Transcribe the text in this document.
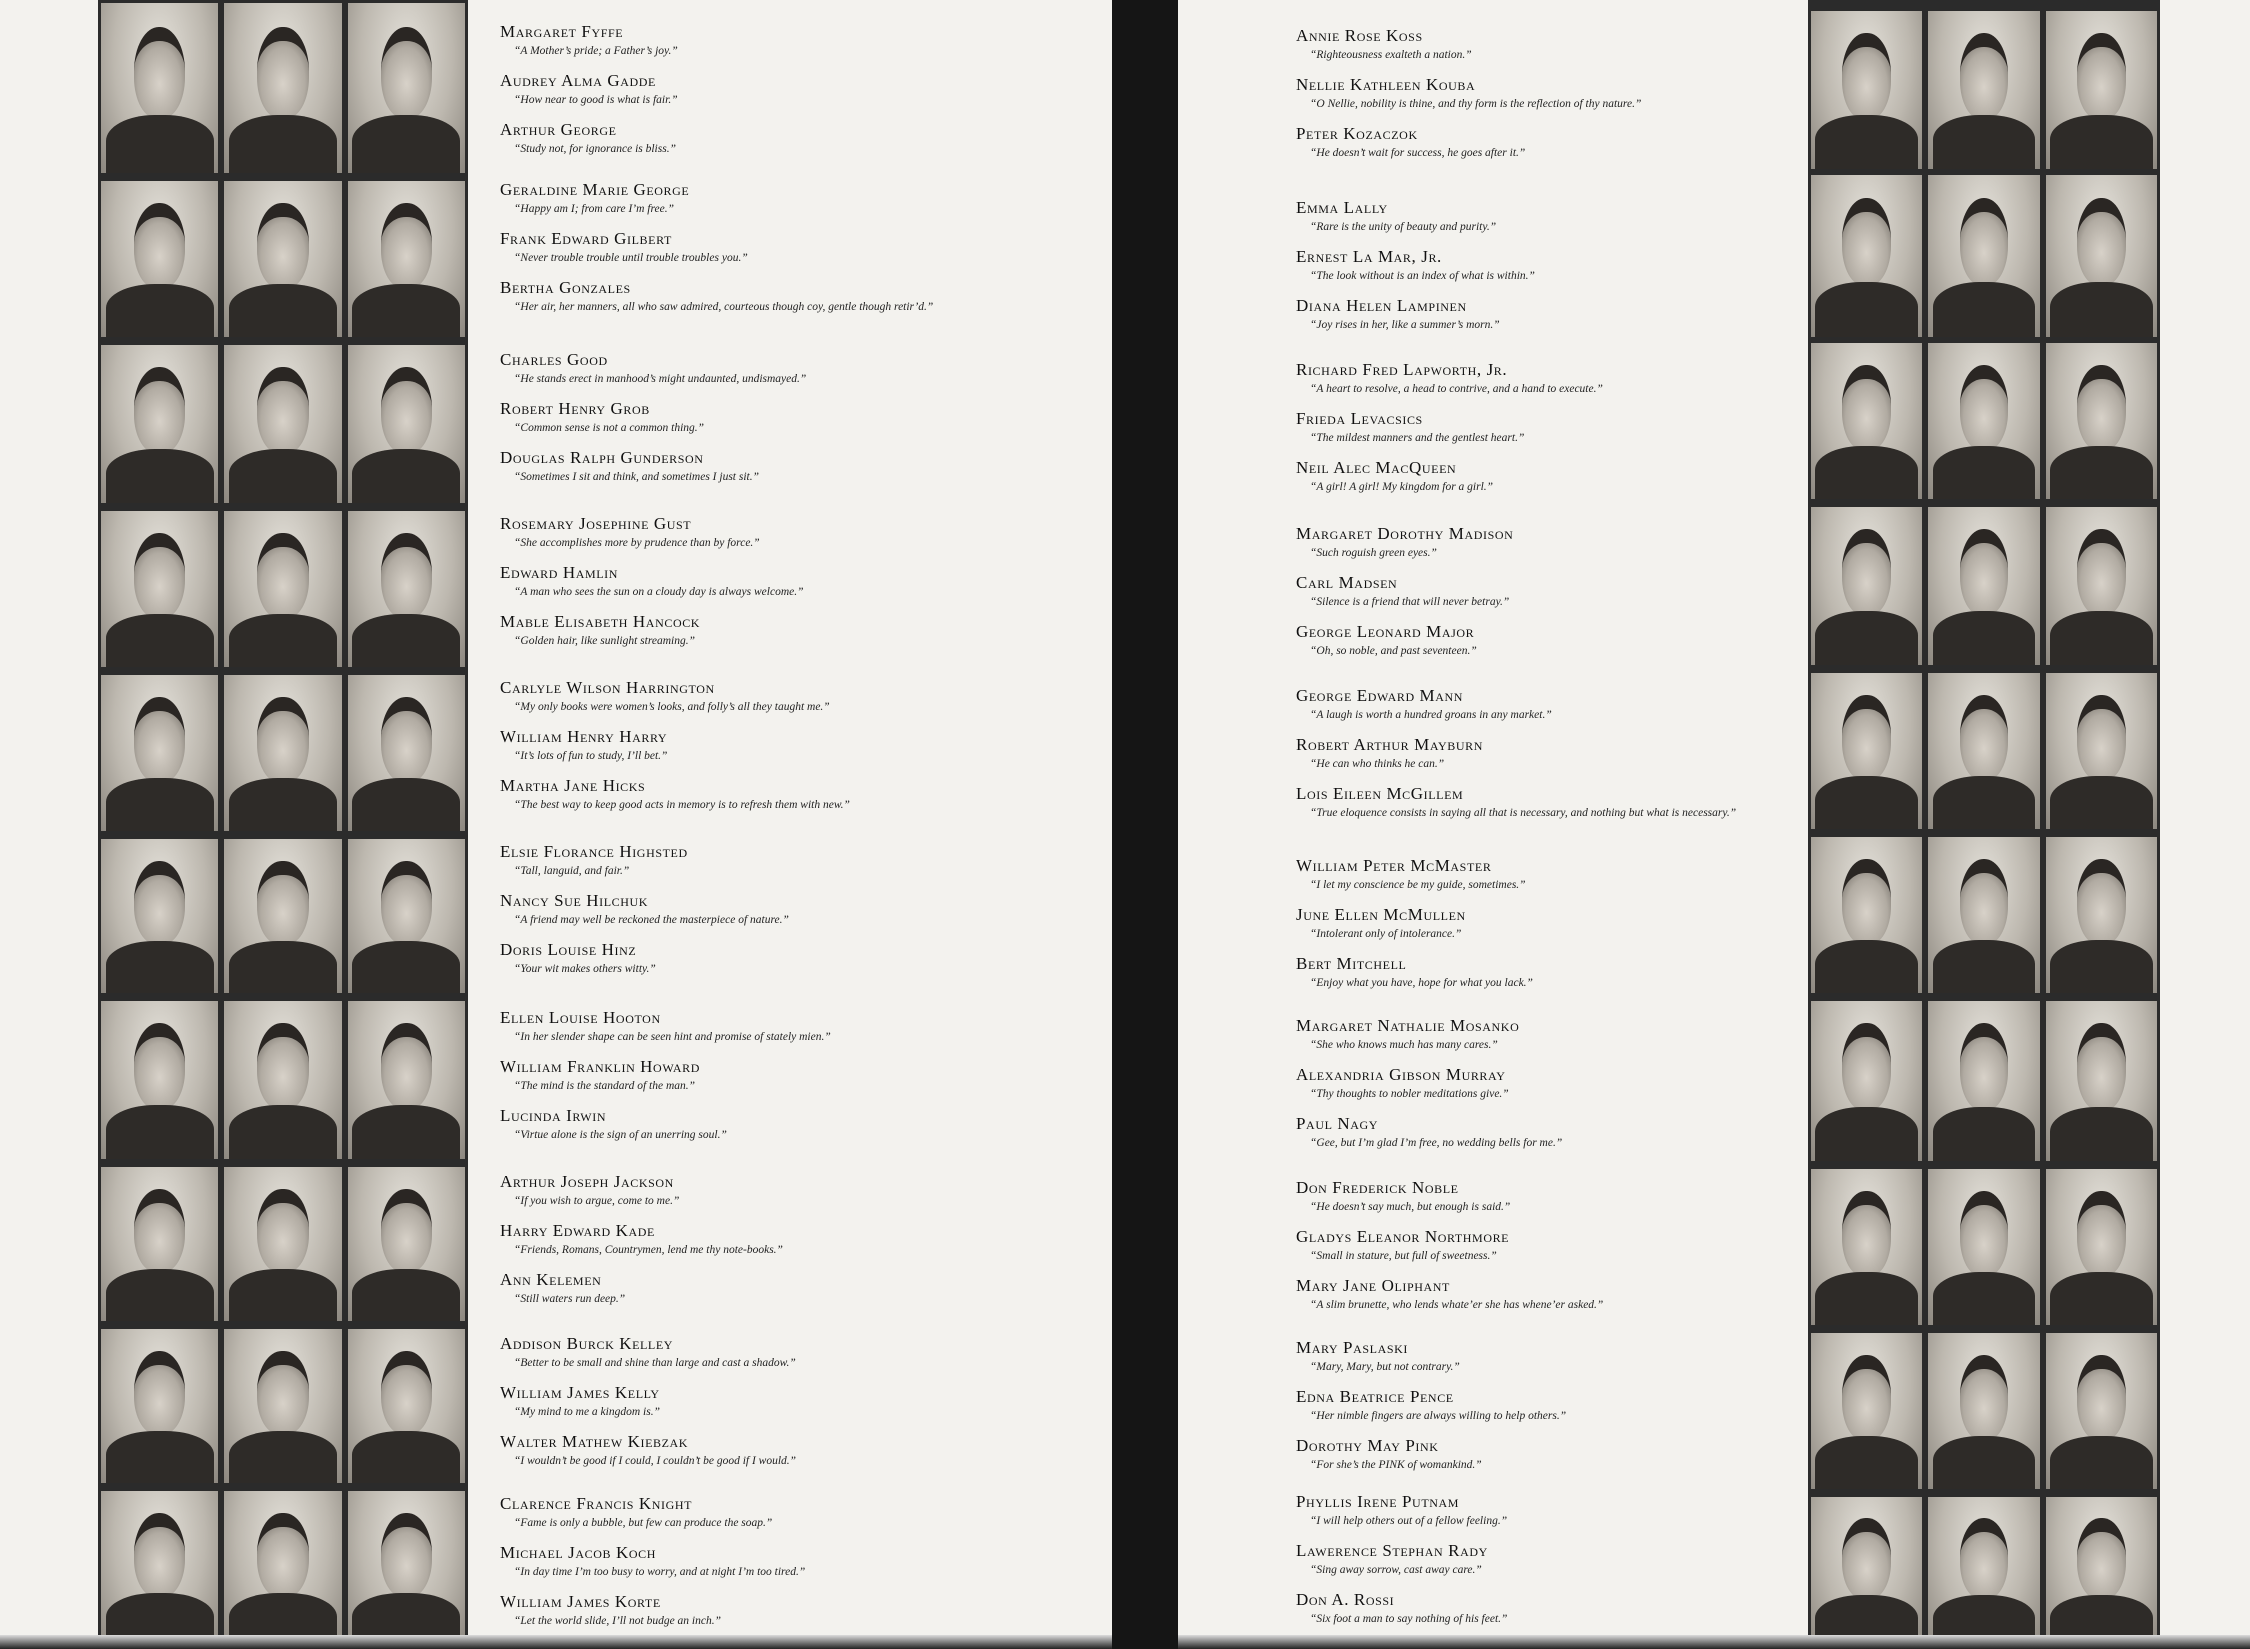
Margaret Fyffe
“A Mother’s pride; a Father’s joy.”
Audrey Alma Gadde
“How near to good is what is fair.”
Arthur George
“Study not, for ignorance is bliss.”
Geraldine Marie George
“Happy am I; from care I’m free.”
Frank Edward Gilbert
“Never trouble trouble until trouble troubles you.”
Bertha Gonzales
“Her air, her manners, all who saw admired, courteous though coy, gentle though retir’d.”
Charles Good
“He stands erect in manhood’s might undaunted, undismayed.”
Robert Henry Grob
“Common sense is not a common thing.”
Douglas Ralph Gunderson
“Sometimes I sit and think, and sometimes I just sit.”
Rosemary Josephine Gust
“She accomplishes more by prudence than by force.”
Edward Hamlin
“A man who sees the sun on a cloudy day is always welcome.”
Mable Elisabeth Hancock
“Golden hair, like sunlight streaming.”
Carlyle Wilson Harrington
“My only books were women’s looks, and folly’s all they taught me.”
William Henry Harry
“It’s lots of fun to study, I’ll bet.”
Martha Jane Hicks
“The best way to keep good acts in memory is to refresh them with new.”
Elsie Florance Highsted
“Tall, languid, and fair.”
Nancy Sue Hilchuk
“A friend may well be reckoned the masterpiece of nature.”
Doris Louise Hinz
“Your wit makes others witty.”
Ellen Louise Hooton
“In her slender shape can be seen hint and promise of stately mien.”
William Franklin Howard
“The mind is the standard of the man.”
Lucinda Irwin
“Virtue alone is the sign of an unerring soul.”
Arthur Joseph Jackson
“If you wish to argue, come to me.”
Harry Edward Kade
“Friends, Romans, Countrymen, lend me thy note-books.”
Ann Kelemen
“Still waters run deep.”
Addison Burck Kelley
“Better to be small and shine than large and cast a shadow.”
William James Kelly
“My mind to me a kingdom is.”
Walter Mathew Kiebzak
“I wouldn’t be good if I could, I couldn’t be good if I would.”
Clarence Francis Knight
“Fame is only a bubble, but few can produce the soap.”
Michael Jacob Koch
“In day time I’m too busy to worry, and at night I’m too tired.”
William James Korte
“Let the world slide, I’ll not budge an inch.”
Annie Rose Koss
“Righteousness exalteth a nation.”
Nellie Kathleen Kouba
“O Nellie, nobility is thine, and thy form is the reflection of thy nature.”
Peter Kozaczok
“He doesn’t wait for success, he goes after it.”
Emma Lally
“Rare is the unity of beauty and purity.”
Ernest La Mar, Jr.
“The look without is an index of what is within.”
Diana Helen Lampinen
“Joy rises in her, like a summer’s morn.”
Richard Fred Lapworth, Jr.
“A heart to resolve, a head to contrive, and a hand to execute.”
Frieda Levacsics
“The mildest manners and the gentlest heart.”
Neil Alec MacQueen
“A girl! A girl! My kingdom for a girl.”
Margaret Dorothy Madison
“Such roguish green eyes.”
Carl Madsen
“Silence is a friend that will never betray.”
George Leonard Major
“Oh, so noble, and past seventeen.”
George Edward Mann
“A laugh is worth a hundred groans in any market.”
Robert Arthur Mayburn
“He can who thinks he can.”
Lois Eileen McGillem
“True eloquence consists in saying all that is necessary, and nothing but what is necessary.”
William Peter McMaster
“I let my conscience be my guide, sometimes.”
June Ellen McMullen
“Intolerant only of intolerance.”
Bert Mitchell
“Enjoy what you have, hope for what you lack.”
Margaret Nathalie Mosanko
“She who knows much has many cares.”
Alexandria Gibson Murray
“Thy thoughts to nobler meditations give.”
Paul Nagy
“Gee, but I’m glad I’m free, no wedding bells for me.”
Don Frederick Noble
“He doesn’t say much, but enough is said.”
Gladys Eleanor Northmore
“Small in stature, but full of sweetness.”
Mary Jane Oliphant
“A slim brunette, who lends whate’er she has whene’er asked.”
Mary Paslaski
“Mary, Mary, but not contrary.”
Edna Beatrice Pence
“Her nimble fingers are always willing to help others.”
Dorothy May Pink
“For she’s the PINK of womankind.”
Phyllis Irene Putnam
“I will help others out of a fellow feeling.”
Lawerence Stephan Rady
“Sing away sorrow, cast away care.”
Don A. Rossi
“Six foot a man to say nothing of his feet.”
